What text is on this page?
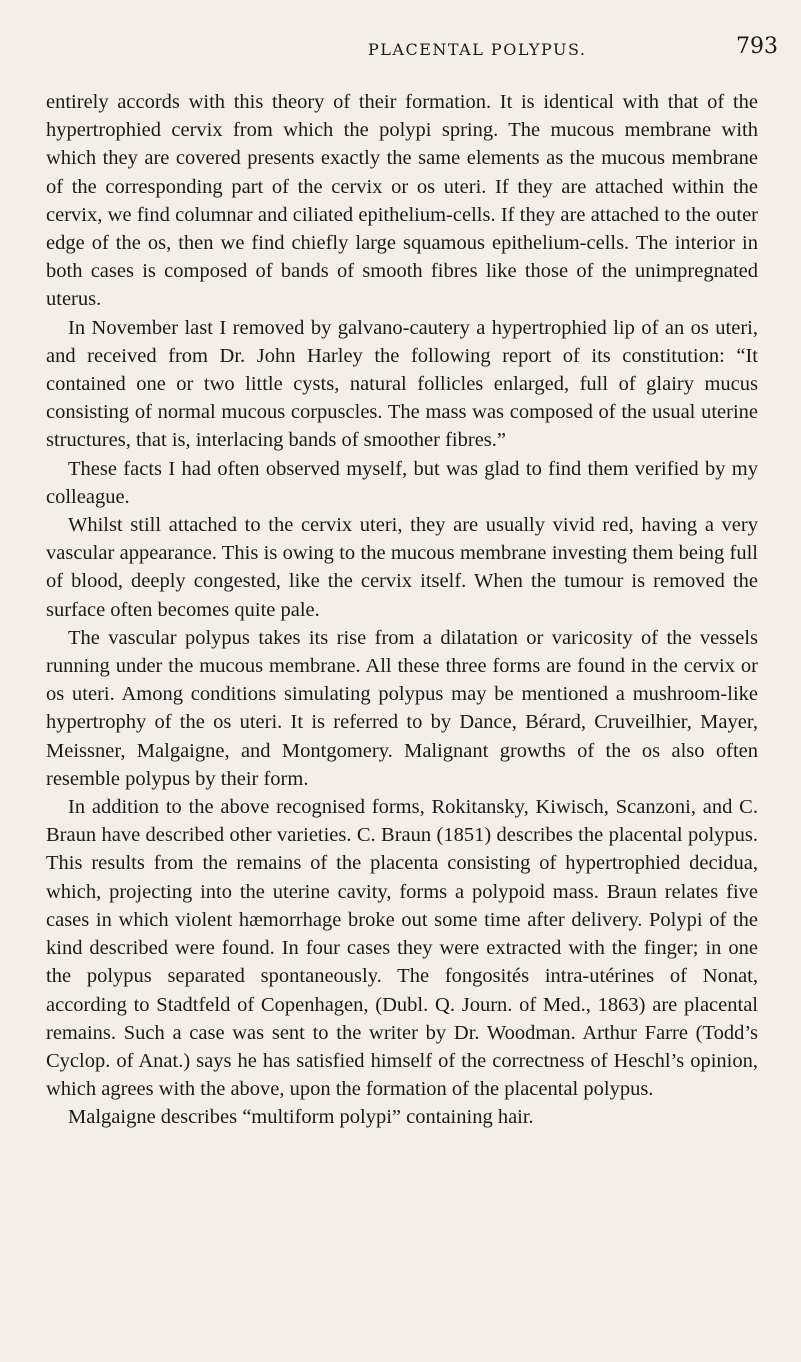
PLACENTAL POLYPUS.	793

entirely accords with this theory of their formation. It is identical with that of the hypertrophied cervix from which the polypi spring. The mucous membrane with which they are covered presents exactly the same elements as the mucous membrane of the corresponding part of the cervix or os uteri. If they are attached within the cervix, we find columnar and ciliated epithelium-cells. If they are attached to the outer edge of the os, then we find chiefly large squamous epithelium-cells. The interior in both cases is composed of bands of smooth fibres like those of the unimpregnated uterus.

In November last I removed by galvano-cautery a hypertrophied lip of an os uteri, and received from Dr. John Harley the following report of its constitution: “It contained one or two little cysts, natural follicles enlarged, full of glairy mucus consisting of normal mucous corpuscles. The mass was composed of the usual uterine structures, that is, interlacing bands of smoother fibres.”

These facts I had often observed myself, but was glad to find them verified by my colleague.

Whilst still attached to the cervix uteri, they are usually vivid red, having a very vascular appearance. This is owing to the mucous membrane investing them being full of blood, deeply congested, like the cervix itself. When the tumour is removed the surface often becomes quite pale.

The vascular polypus takes its rise from a dilatation or varicosity of the vessels running under the mucous membrane. All these three forms are found in the cervix or os uteri. Among conditions simulating polypus may be mentioned a mushroom-like hypertrophy of the os uteri. It is referred to by Dance, Bérard, Cruveilhier, Mayer, Meissner, Malgaigne, and Montgomery. Malignant growths of the os also often resemble polypus by their form.

In addition to the above recognised forms, Rokitansky, Kiwisch, Scanzoni, and C. Braun have described other varieties. C. Braun (1851) describes the placental polypus. This results from the remains of the placenta consisting of hypertrophied decidua, which, projecting into the uterine cavity, forms a polypoid mass. Braun relates five cases in which violent hæmorrhage broke out some time after delivery. Polypi of the kind described were found. In four cases they were extracted with the finger; in one the polypus separated spontaneously. The fongosités intra-utérines of Nonat, according to Stadtfeld of Copenhagen, (Dubl. Q. Journ. of Med., 1863) are placental remains. Such a case was sent to the writer by Dr. Woodman. Arthur Farre (Todd’s Cyclop. of Anat.) says he has satisfied himself of the correctness of Heschl’s opinion, which agrees with the above, upon the formation of the placental polypus.

Malgaigne describes “multiform polypi” containing hair.
